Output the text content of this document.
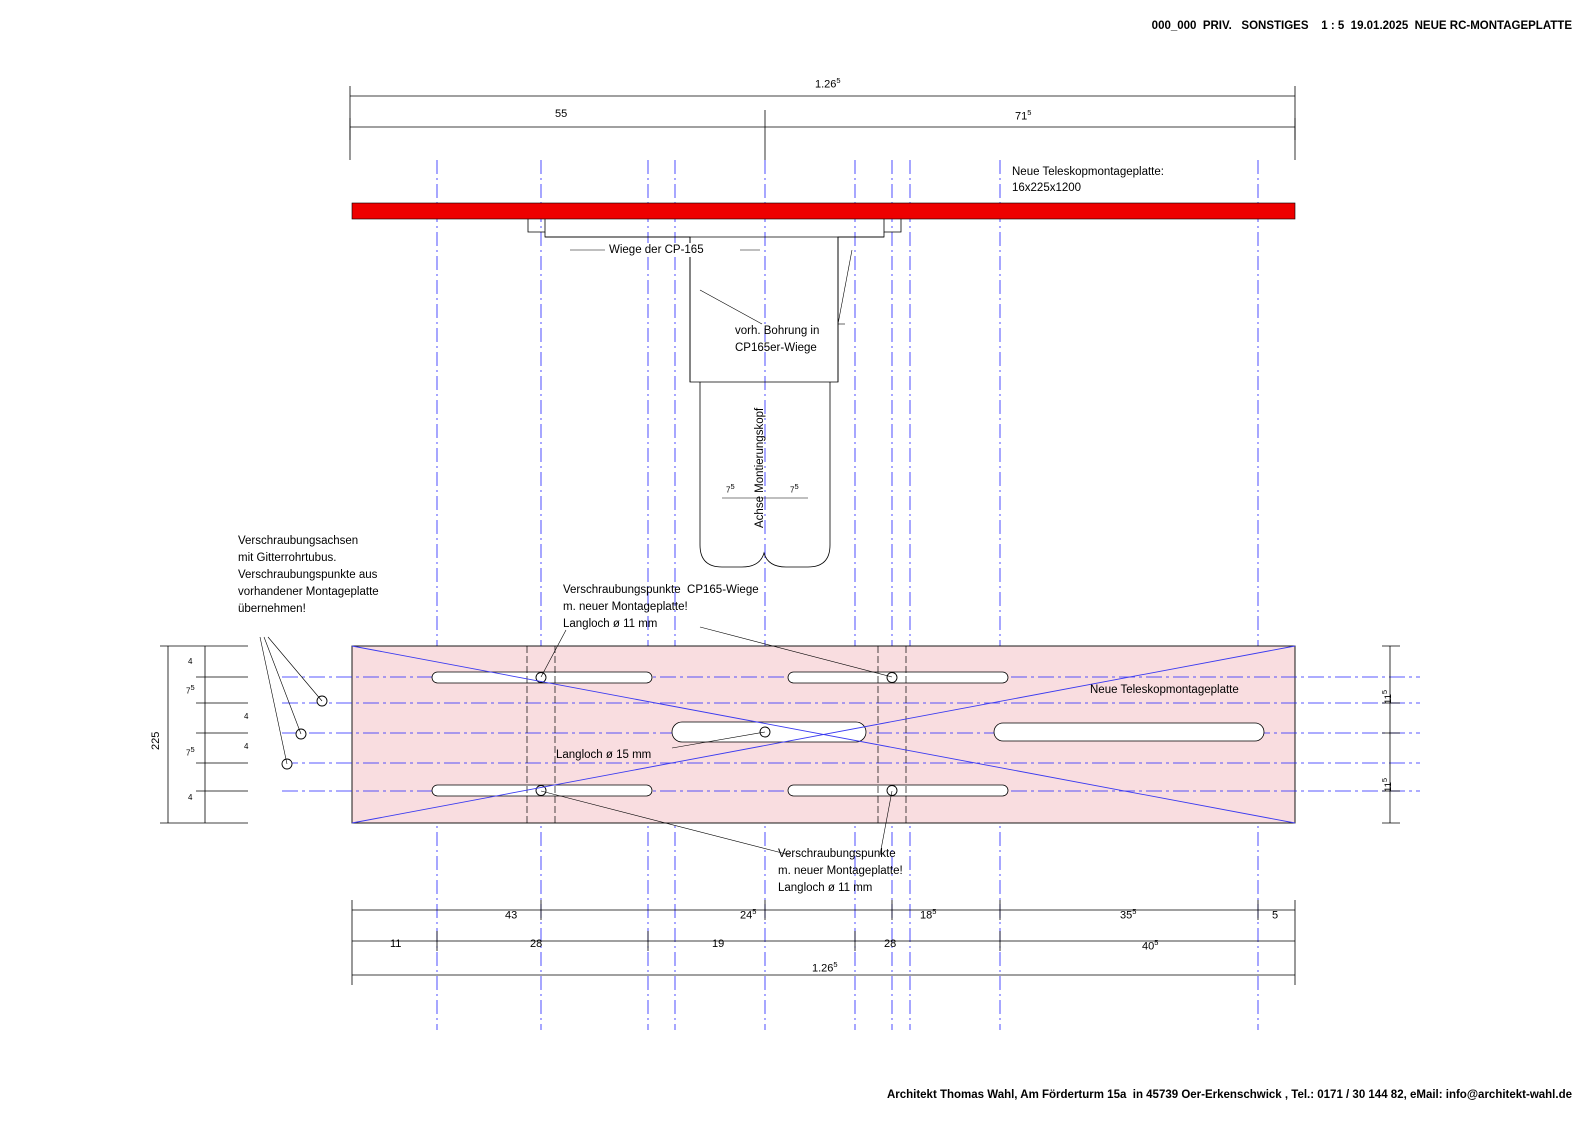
000_000  PRIV.   SONSTIGES    1 : 5  19.01.2025  NEUE RC-MONTAGEPLATTE
55	$71^5$
1.26$^5$
Neue Teleskopmontageplatte:
16x225x1200
Wiege der CP-165
vorh. Bohrung in
CP165er-Wiege

Achse Montierungskopf

75	75
Verschraubungsachsen
mit Gitterrohrtubus.
Verschraubungspunkte aus
vorhandener Montageplatte
übernehmen!
Verschraubungspunkte  CP165-Wiege
m. neuer Montageplatte!
Langloch ø 11 mm
Langloch ø 15 mm
Verschraubungspunkte
m. neuer Montageplatte!
Langloch ø 11 mm
Neue Teleskopmontageplatte

225

4
75
4
75	4
4
$11^5$
$11^5$
43	$24^5$	$18^5$	$35^5$	5
11	28	19	28	$40^5$
1.26$^5$
Architekt Thomas Wahl, Am Förderturm 15a  in 45739 Oer-Erkenschwick , Tel.: 0171 / 30 144 82, eMail: info@architekt-wahl.de
